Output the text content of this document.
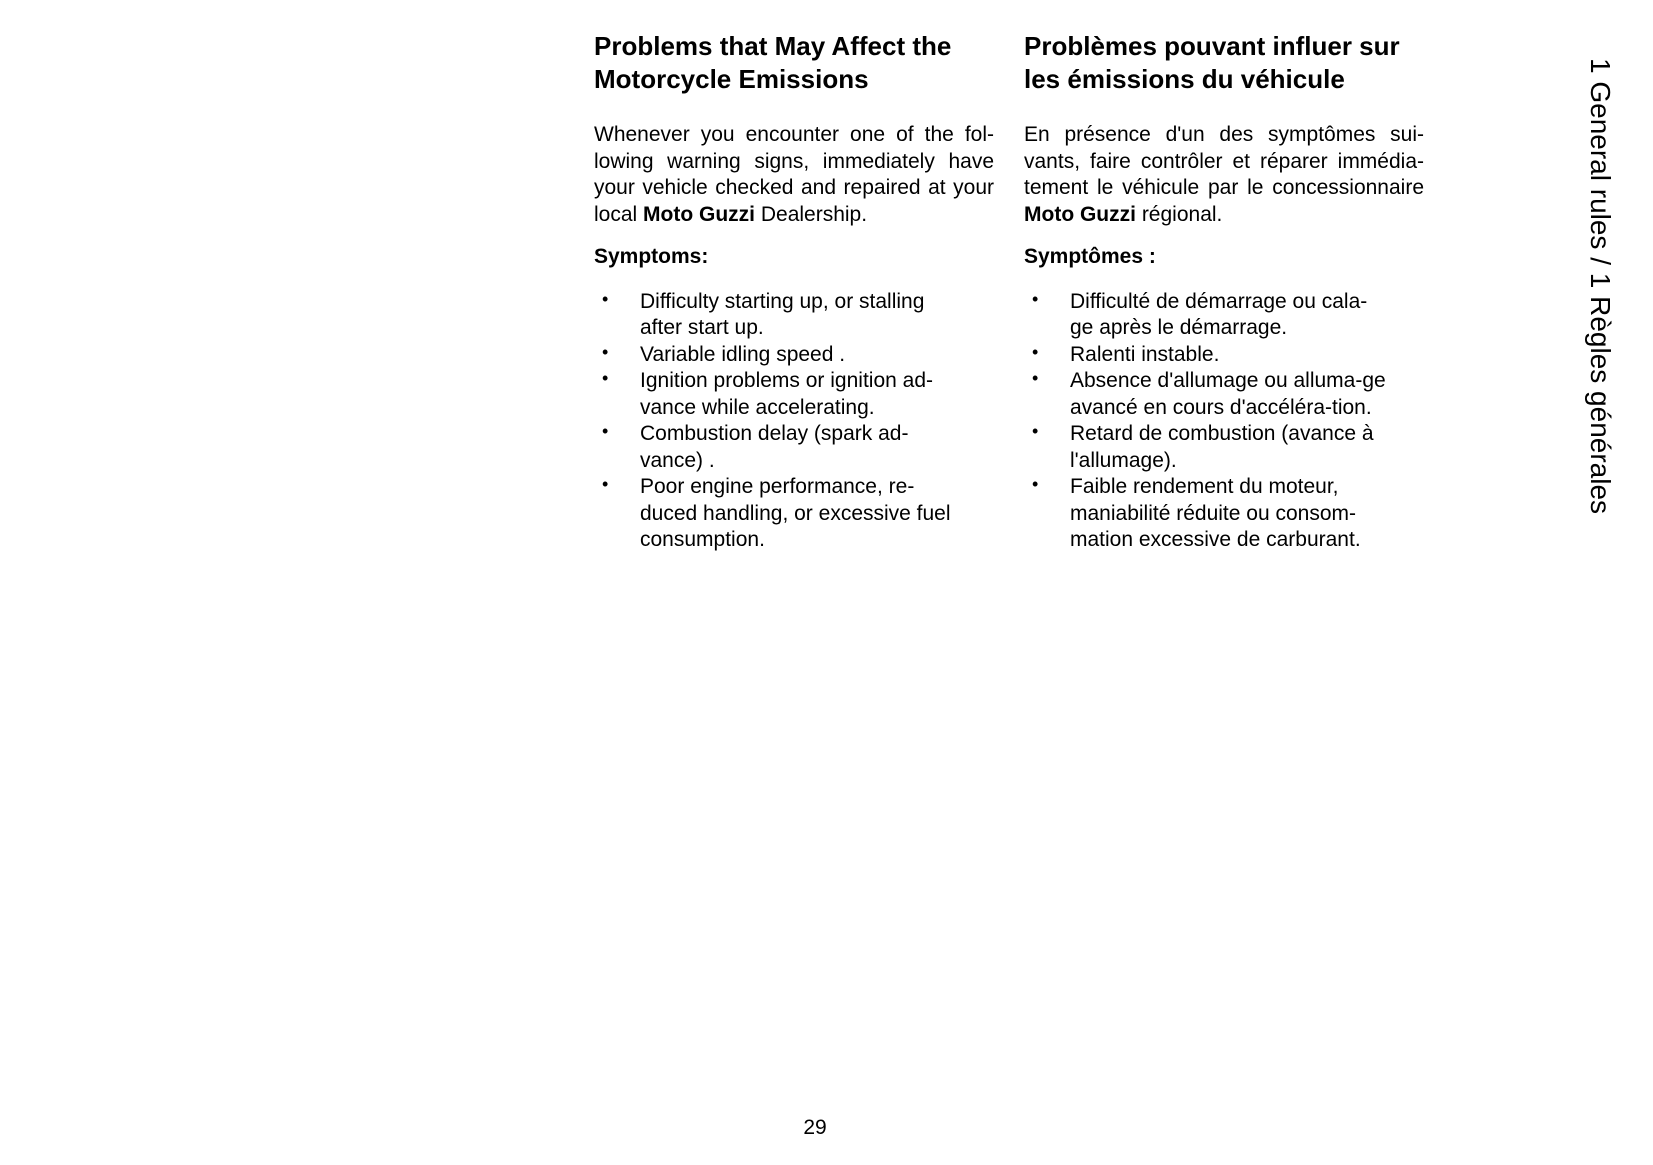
Problems that May Affect the
Motorcycle Emissions

Whenever you encounter one of the fol-lowing warning signs, immediately have your vehicle checked and repaired at your local Moto Guzzi Dealership.

Symptoms:

• Difficulty starting up, or stalling after start up.
• Variable idling speed .
• Ignition problems or ignition ad-vance while accelerating.
• Combustion delay (spark ad-vance) .
• Poor engine performance, re-duced handling, or excessive fuel consumption.
Problèmes pouvant influer sur
les émissions du véhicule

En présence d'un des symptômes sui-vants, faire contrôler et réparer immédia-tement le véhicule par le concessionnaire Moto Guzzi régional.

Symptômes :

• Difficulté de démarrage ou cala-ge après le démarrage.
• Ralenti instable.
• Absence d'allumage ou alluma-ge avancé en cours d'accéléra-tion.
• Retard de combustion (avance à l'allumage).
• Faible rendement du moteur, maniabilité réduite ou consom-mation excessive de carburant.
1 General rules / 1 Règles générales
29
